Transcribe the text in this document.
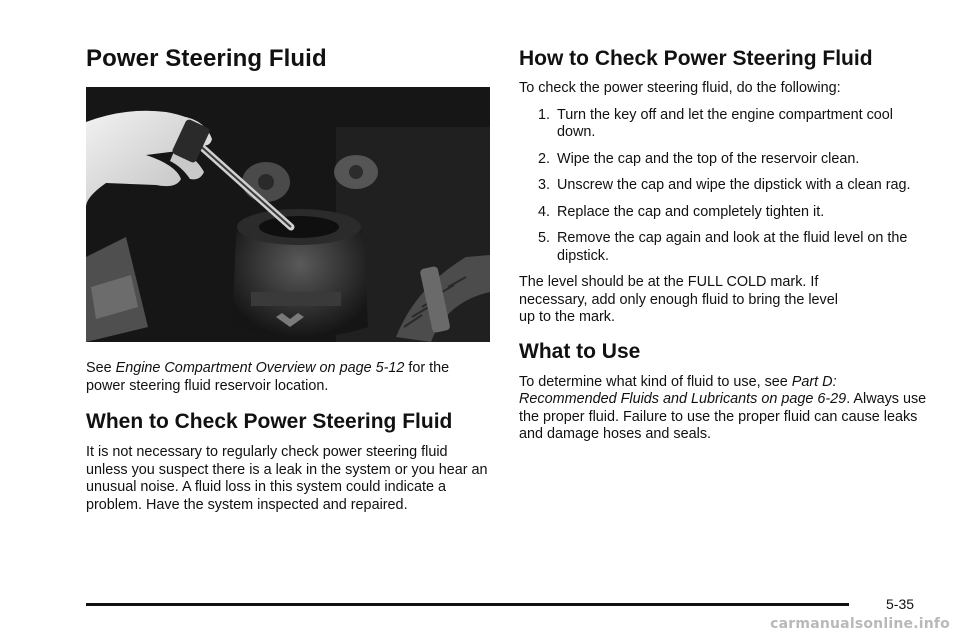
Power Steering Fluid

See Engine Compartment Overview on page 5-12 for the power steering fluid reservoir location.

When to Check Power Steering Fluid

It is not necessary to regularly check power steering fluid unless you suspect there is a leak in the system or you hear an unusual noise. A fluid loss in this system could indicate a problem. Have the system inspected and repaired.

How to Check Power Steering Fluid

To check the power steering fluid, do the following:

1. Turn the key off and let the engine compartment cool down.
2. Wipe the cap and the top of the reservoir clean.
3. Unscrew the cap and wipe the dipstick with a clean rag.
4. Replace the cap and completely tighten it.
5. Remove the cap again and look at the fluid level on the dipstick.

The level should be at the FULL COLD mark. If necessary, add only enough fluid to bring the level up to the mark.

What to Use

To determine what kind of fluid to use, see Part D: Recommended Fluids and Lubricants on page 6-29. Always use the proper fluid. Failure to use the proper fluid can cause leaks and damage hoses and seals.

5-35
carmanualsonline.info
